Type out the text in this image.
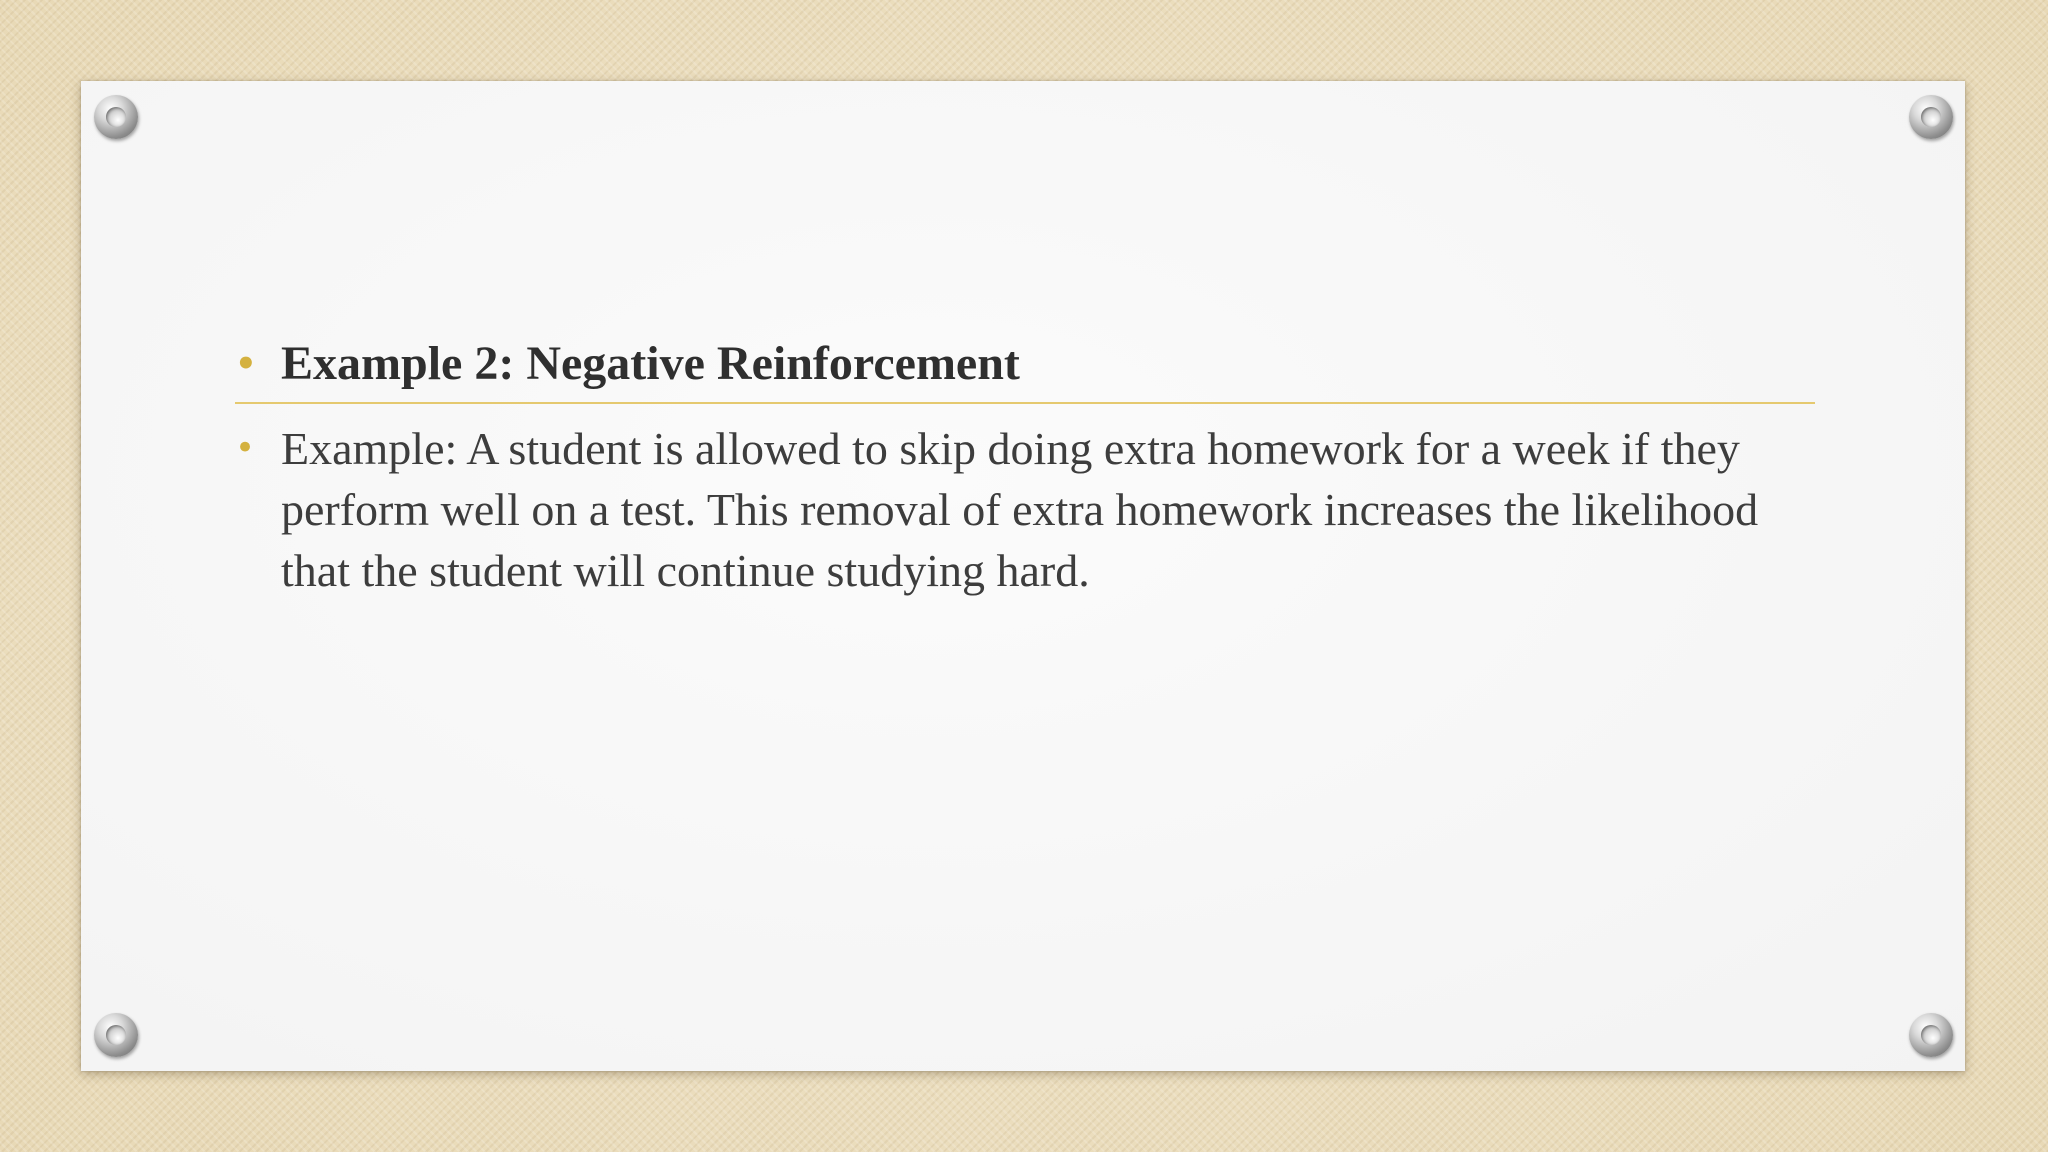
• Example 2: Negative Reinforcement
• Example: A student is allowed to skip doing extra homework for a week if they perform well on a test. This removal of extra homework increases the likelihood that the student will continue studying hard.
